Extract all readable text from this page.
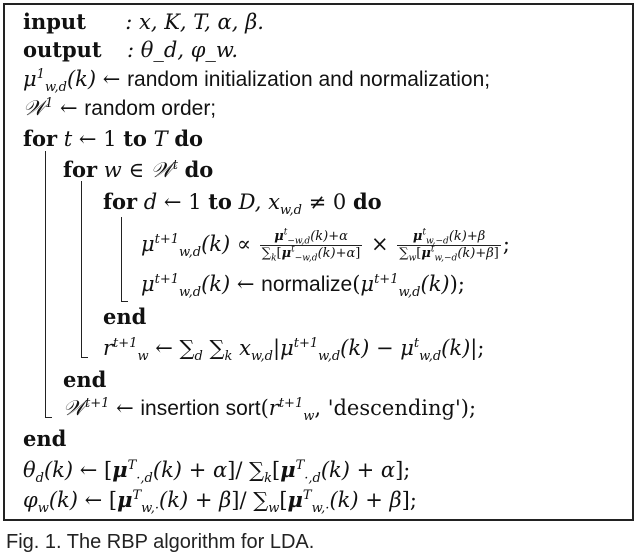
input : x, K, T, α, β.
output : θ_d, φ_w.
$\mu^1_{w,d}(k)$ ← random initialization and normalization;
𝒲$^1$ ← random order;
for t ← 1 to T do
for w ∈ 𝒲$^t$ do
for d ← 1 to D, $x_{w,d} \ne 0$ do
$\mu^{t+1}_{w,d}(k) \propto \frac{\mu^t_{-w,d}(k)+\alpha}{\sum_k[\mu^t_{-w,d}(k)+\alpha]} \times \frac{\mu^t_{w,-d}(k)+\beta}{\sum_w[\mu^t_{w,-d}(k)+\beta]}$ ;
$\mu^{t+1}_{w,d}(k)$ ← $normalize(\mu^{t+1}_{w,d}(k))$;
end
$r^{t+1}_w$ ← $\sum_d$ $\sum_k$ $x_{w,d}|\mu^{t+1}_{w,d}(k) - \mu^t_{w,d}(k)|$;
end
𝒲$^{t+1}$ ← insertion $sort(r^{t+1}_w$, 'descending');
end
$\theta_d(k)$ ← $[\mu^T_{\cdot,d}(k) + \alpha]/$ $\sum_k[\mu^T_{\cdot,d}(k) + \alpha]$;
$\varphi_w(k)$ ← $[\mu^T_{w,\cdot}(k) + \beta]/$ $\sum_w[\mu^T_{w,\cdot}(k) + \beta]$;
Fig. 1. The RBP algorithm for LDA.
